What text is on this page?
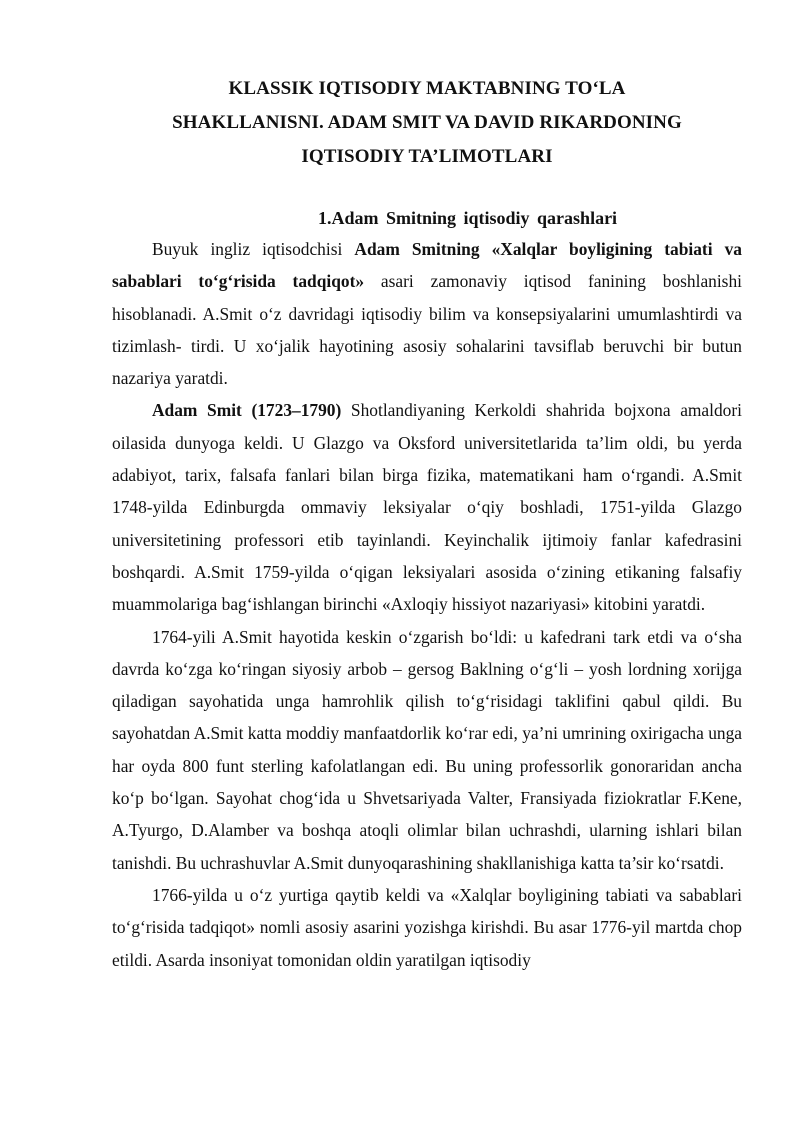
KLASSIK IQTISODIY MAKTABNING TO‘LA
SHAKLLANISNI. ADAM SMIT VA DAVID RIKARDONING
IQTISODIY TA’LIMOTLARI
1.Adam Smitning iqtisodiy qarashlari

Buyuk ingliz iqtisodchisi Adam Smitning «Xalqlar boyligining tabiati va sabablari to‘g‘risida tadqiqot» asari zamonaviy iqtisod fanining boshlanishi hisoblanadi. A.Smit o‘z davridagi iqtisodiy bilim va konsepsiyalarini umumlashtirdi va tizimlash- tirdi. U xo‘jalik hayotining asosiy sohalarini tavsiflab beruvchi bir butun nazariya yaratdi.

Adam Smit (1723–1790) Shotlandiyaning Kerkoldi shahrida bojxona amaldori oilasida dunyoga keldi. U Glazgo va Oksford universitetlarida ta’lim oldi, bu yerda adabiyot, tarix, falsafa fanlari bilan birga fizika, matematikani ham o‘rgandi. A.Smit 1748-yilda Edinburgda ommaviy leksiyalar o‘qiy boshladi, 1751-yilda Glazgo universitetining professori etib tayinlandi. Keyinchalik ijtimoiy fanlar kafedrasini boshqardi. A.Smit 1759-yilda o‘qigan leksiyalari asosida o‘zining etikaning falsafiy muammolariga bag‘ishlangan birinchi «Axloqiy hissiyot nazariyasi» kitobini yaratdi.

1764-yili A.Smit hayotida keskin o‘zgarish bo‘ldi: u kafedrani tark etdi va o‘sha davrda ko‘zga ko‘ringan siyosiy arbob – gersog Baklning o‘g‘li – yosh lordning xorijga qiladigan sayohatida unga hamrohlik qilish to‘g‘risidagi taklifini qabul qildi. Bu sayohatdan A.Smit katta moddiy manfaatdorlik ko‘rar edi, ya’ni umrining oxirigacha unga har oyda 800 funt sterling kafolatlangan edi. Bu uning professorlik gonoraridan ancha ko‘p bo‘lgan. Sayohat chog‘ida u Shvetsariyada Valter, Fransiyada fiziokratlar F.Kene, A.Tyurgo, D.Alamber va boshqa atoqli olimlar bilan uchrashdi, ularning ishlari bilan tanishdi. Bu uchrashuvlar A.Smit dunyoqarashining shakllanishiga katta ta’sir ko‘rsatdi.

1766-yilda u o‘z yurtiga qaytib keldi va «Xalqlar boyligining tabiati va sabablari to‘g‘risida tadqiqot» nomli asosiy asarini yozishga kirishdi. Bu asar 1776-yil martda chop etildi. Asarda insoniyat tomonidan oldin yaratilgan iqtisodiy
